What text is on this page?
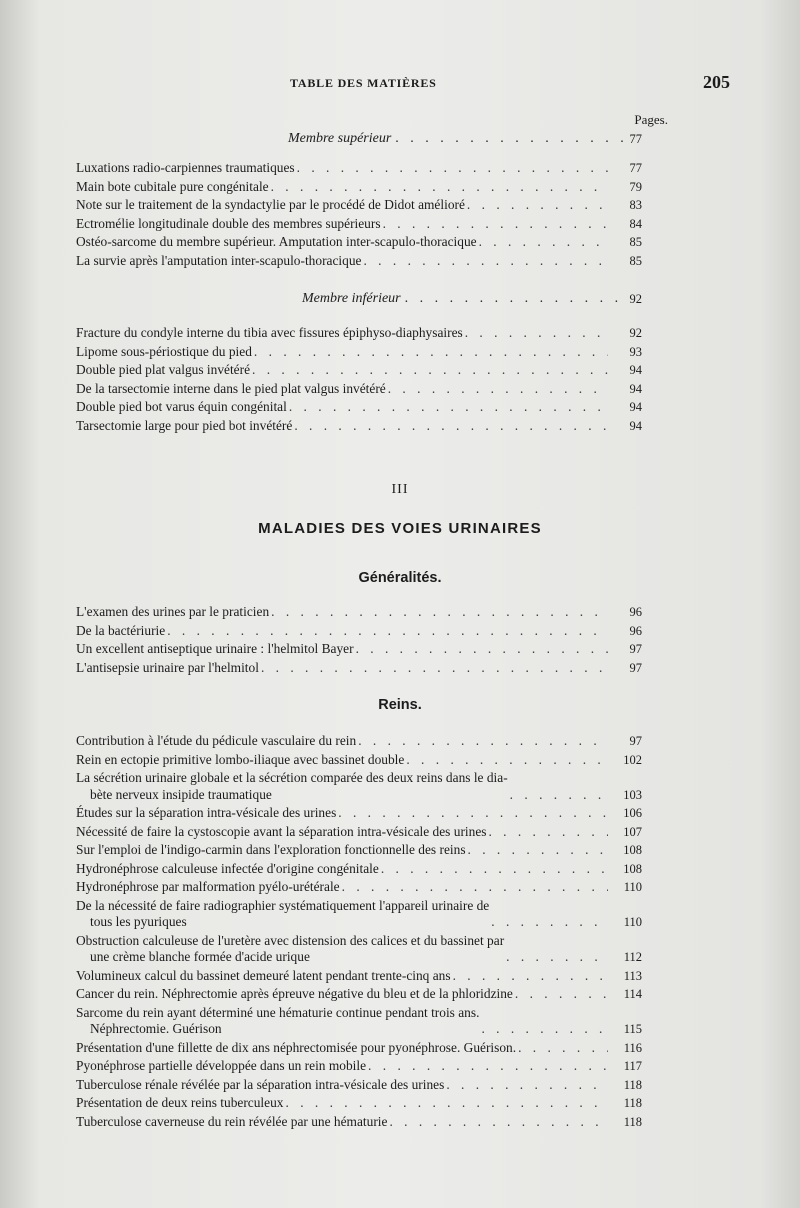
TABLE DES MATIÈRES	205
Pages.
Membre supérieur . . .	77
Luxations radio-carpiennes traumatiques . . .	77
Main bote cubitale pure congénitale . . .	79
Note sur le traitement de la syndactylie par le procédé de Didot amélioré . . .	83
Ectromélie longitudinale double des membres supérieurs . . .	84
Ostéo-sarcome du membre supérieur. Amputation inter-scapulo-thoracique . . .	85
La survie après l'amputation inter-scapulo-thoracique . . .	85
Membre inférieur . . .	92
Fracture du condyle interne du tibia avec fissures épiphyso-diaphysaires . . .	92
Lipome sous-périostique du pied . . .	93
Double pied plat valgus invétéré . . .	94
De la tarsectomie interne dans le pied plat valgus invétéré . . .	94
Double pied bot varus équin congénital . . .	94
Tarsectomie large pour pied bot invétéré . . .	94
III
MALADIES DES VOIES URINAIRES
Généralités.
L'examen des urines par le praticien . . .	96
De la bactériurie . . .	96
Un excellent antiseptique urinaire : l'helmitol Bayer . . .	97
L'antisepsie urinaire par l'helmitol . . .	97
Reins.
Contribution à l'étude du pédicule vasculaire du rein . . .	97
Rein en ectopie primitive lombo-iliaque avec bassinet double . . .	102
La sécrétion urinaire globale et la sécrétion comparée des deux reins dans le dia-
bète nerveux insipide traumatique . . .	103
Études sur la séparation intra-vésicale des urines . . .	106
Nécessité de faire la cystoscopie avant la séparation intra-vésicale des urines . . .	107
Sur l'emploi de l'indigo-carmin dans l'exploration fonctionnelle des reins . . .	108
Hydronéphrose calculeuse infectée d'origine congénitale . . .	108
Hydronéphrose par malformation pyélo-urétérale . . .	110
De la nécessité de faire radiographier systématiquement l'appareil urinaire de
tous les pyuriques . . .	110
Obstruction calculeuse de l'uretère avec distension des calices et du bassinet par
une crème blanche formée d'acide urique . . .	112
Volumineux calcul du bassinet demeuré latent pendant trente-cinq ans . . .	113
Cancer du rein. Néphrectomie après épreuve négative du bleu et de la phloridzine . . .	114
Sarcome du rein ayant déterminé une hématurie continue pendant trois ans.
Néphrectomie. Guérison . . .	115
Présentation d'une fillette de dix ans néphrectomisée pour pyonéphrose. Guérison. . . .	116
Pyonéphrose partielle développée dans un rein mobile . . .	117
Tuberculose rénale révélée par la séparation intra-vésicale des urines . . .	118
Présentation de deux reins tuberculeux . . .	118
Tuberculose caverneuse du rein révélée par une hématurie . . .	118
